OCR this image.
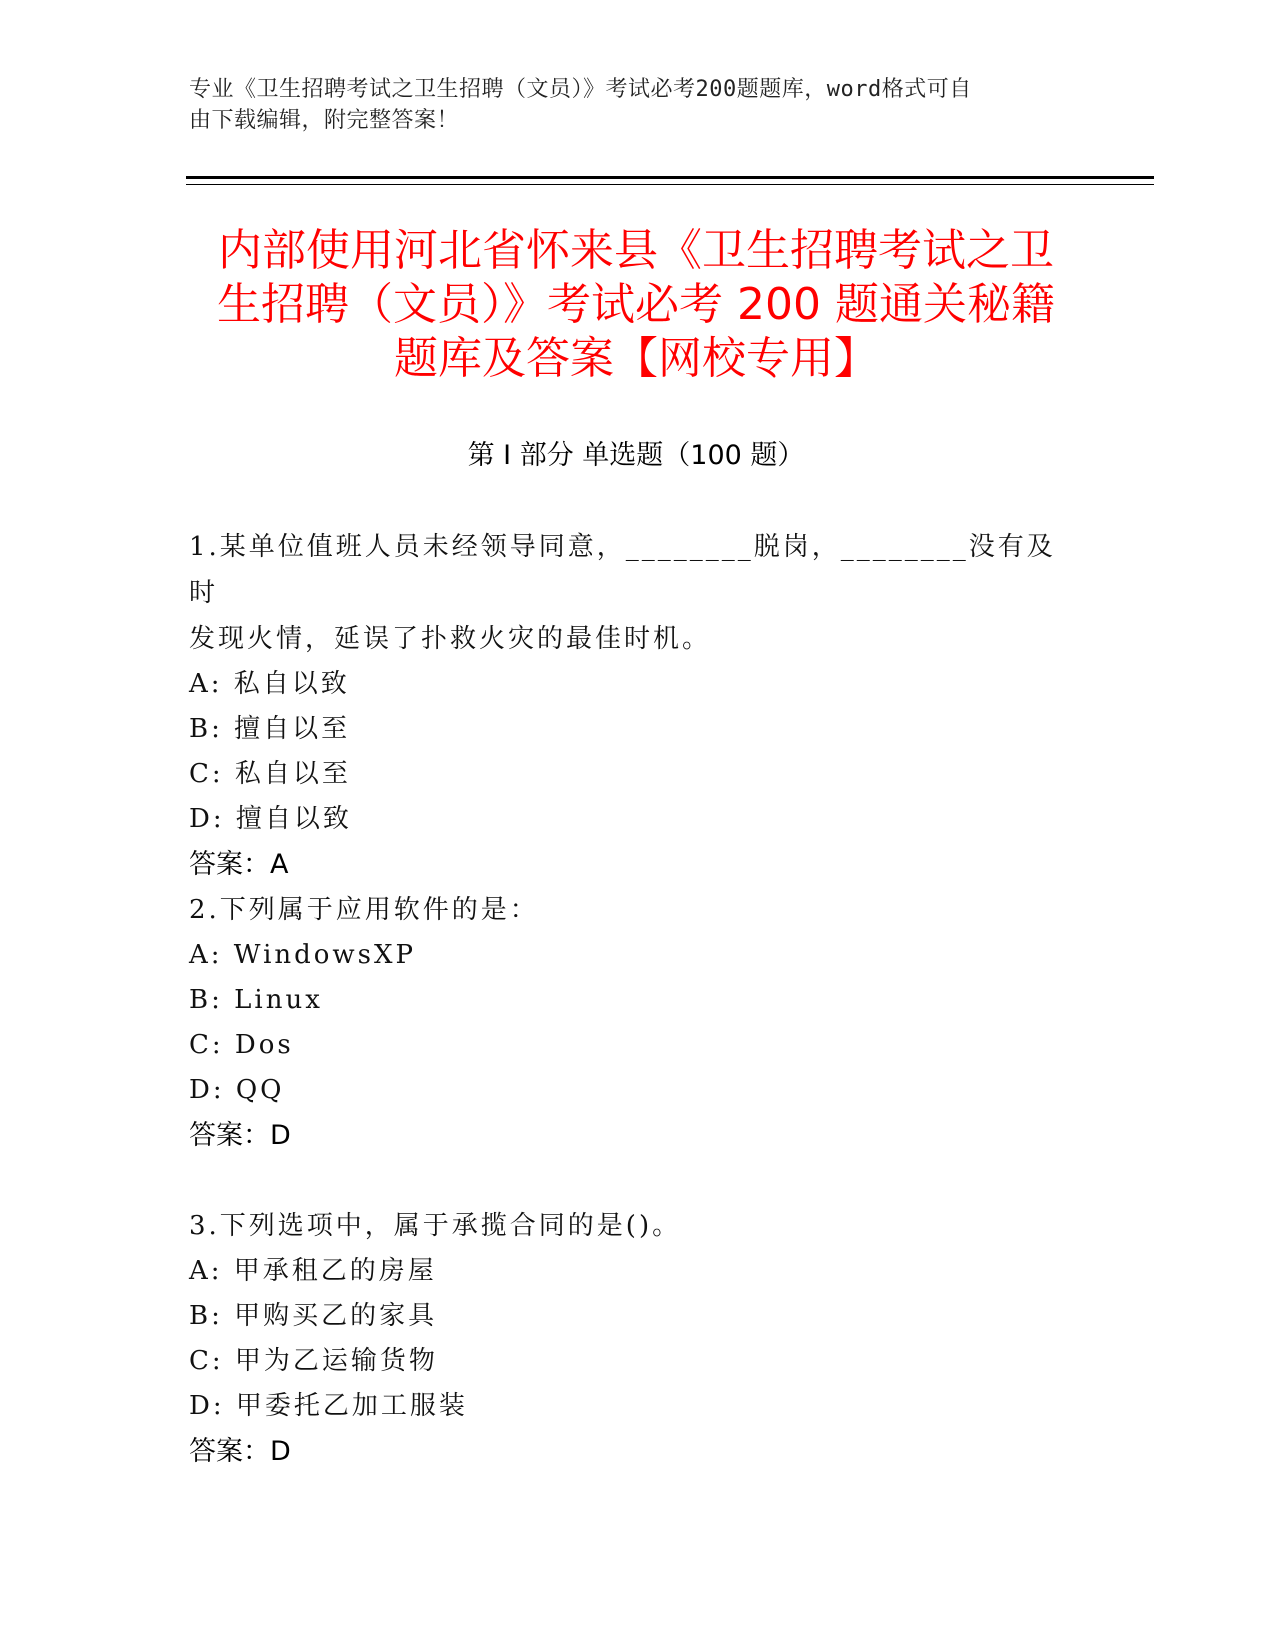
专业《卫生招聘考试之卫生招聘（文员）》考试必考200题题库，word格式可自
由下载编辑，附完整答案！
内部使用河北省怀来县《卫生招聘考试之卫
生招聘（文员）》考试必考 200 题通关秘籍
题库及答案【网校专用】
第 I 部分 单选题（100 题）

1.某单位值班人员未经领导同意，________脱岗，________没有及时

发现火情，延误了扑救火灾的最佳时机。

A: 私自以致

B: 擅自以至

C: 私自以至

D: 擅自以致

答案：A

2.下列属于应用软件的是：

A: WindowsXP

B: Linux

C: Dos

D: QQ

答案：D

3.下列选项中，属于承揽合同的是()。

A: 甲承租乙的房屋

B: 甲购买乙的家具

C: 甲为乙运输货物

D: 甲委托乙加工服装

答案：D
